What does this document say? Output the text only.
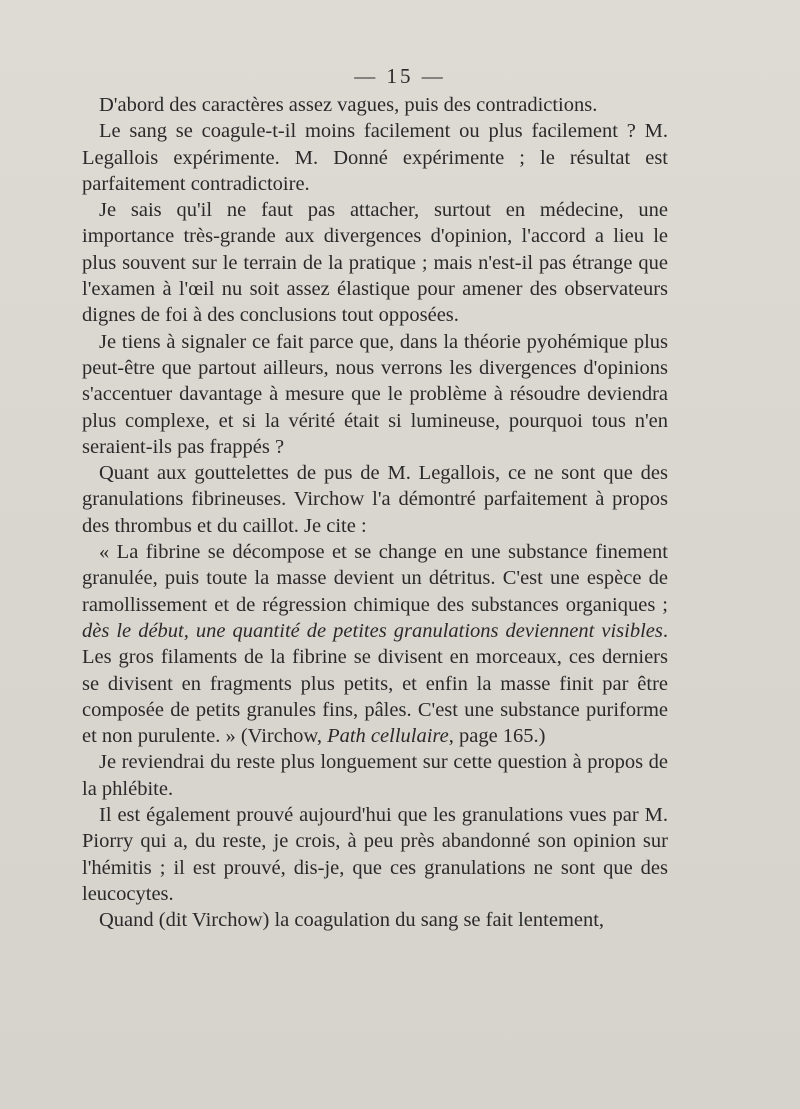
— 15 —

D'abord des caractères assez vagues, puis des contradictions.

Le sang se coagule-t-il moins facilement ou plus facilement ? M. Legallois expérimente. M. Donné expérimente ; le résultat est parfaitement contradictoire.

Je sais qu'il ne faut pas attacher, surtout en médecine, une importance très-grande aux divergences d'opinion, l'accord a lieu le plus souvent sur le terrain de la pratique ; mais n'est-il pas étrange que l'examen à l'œil nu soit assez élastique pour amener des observateurs dignes de foi à des conclusions tout opposées.

Je tiens à signaler ce fait parce que, dans la théorie pyohémique plus peut-être que partout ailleurs, nous verrons les divergences d'opinions s'accentuer davantage à mesure que le problème à résoudre deviendra plus complexe, et si la vérité était si lumineuse, pourquoi tous n'en seraient-ils pas frappés ?

Quant aux gouttelettes de pus de M. Legallois, ce ne sont que des granulations fibrineuses. Virchow l'a démontré parfaitement à propos des thrombus et du caillot. Je cite :

« La fibrine se décompose et se change en une substance finement granulée, puis toute la masse devient un détritus. C'est une espèce de ramollissement et de régression chimique des substances organiques ; dès le début, une quantité de petites granulations deviennent visibles. Les gros filaments de la fibrine se divisent en morceaux, ces derniers se divisent en fragments plus petits, et enfin la masse finit par être composée de petits granules fins, pâles. C'est une substance puriforme et non purulente. » (Virchow, Path cellulaire, page 165.)

Je reviendrai du reste plus longuement sur cette question à propos de la phlébite.

Il est également prouvé aujourd'hui que les granulations vues par M. Piorry qui a, du reste, je crois, à peu près abandonné son opinion sur l'hémitis ; il est prouvé, dis-je, que ces granulations ne sont que des leucocytes.

Quand (dit Virchow) la coagulation du sang se fait lentement,
